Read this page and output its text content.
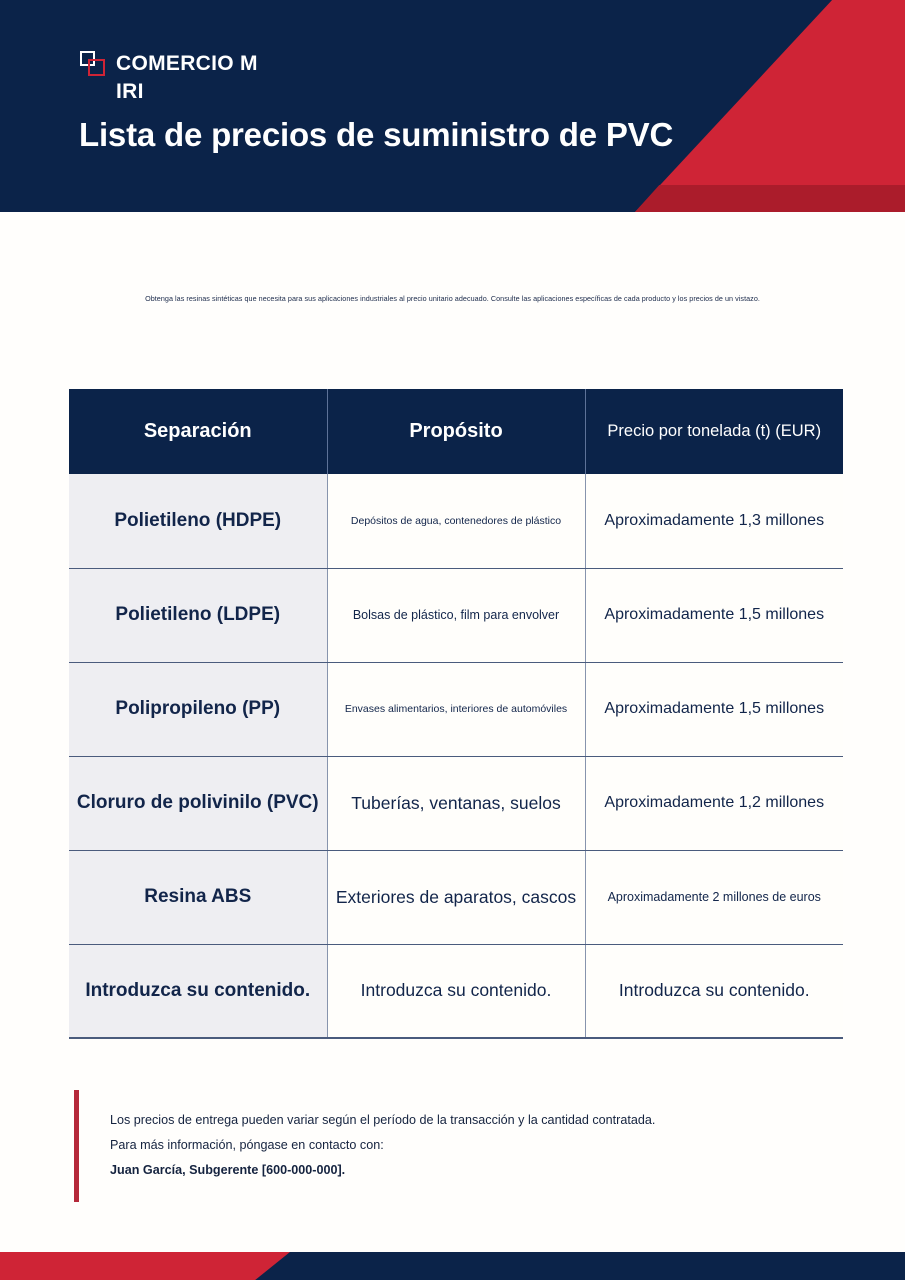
COMERCIO MIRI
Lista de precios de suministro de PVC
Obtenga las resinas sintéticas que necesita para sus aplicaciones industriales al precio unitario adecuado. Consulte las aplicaciones específicas de cada producto y los precios de un vistazo.
Separación	Propósito	Precio por tonelada (t) (EUR)
Polietileno (HDPE)	Depósitos de agua, contenedores de plástico	Aproximadamente 1,3 millones
Polietileno (LDPE)	Bolsas de plástico, film para envolver	Aproximadamente 1,5 millones
Polipropileno (PP)	Envases alimentarios, interiores de automóviles	Aproximadamente 1,5 millones
Cloruro de polivinilo (PVC)	Tuberías, ventanas, suelos	Aproximadamente 1,2 millones
Resina ABS	Exteriores de aparatos, cascos	Aproximadamente 2 millones de euros
Introduzca su contenido.	Introduzca su contenido.	Introduzca su contenido.
Los precios de entrega pueden variar según el período de la transacción y la cantidad contratada.
Para más información, póngase en contacto con:
Juan García, Subgerente [600-000-000].
